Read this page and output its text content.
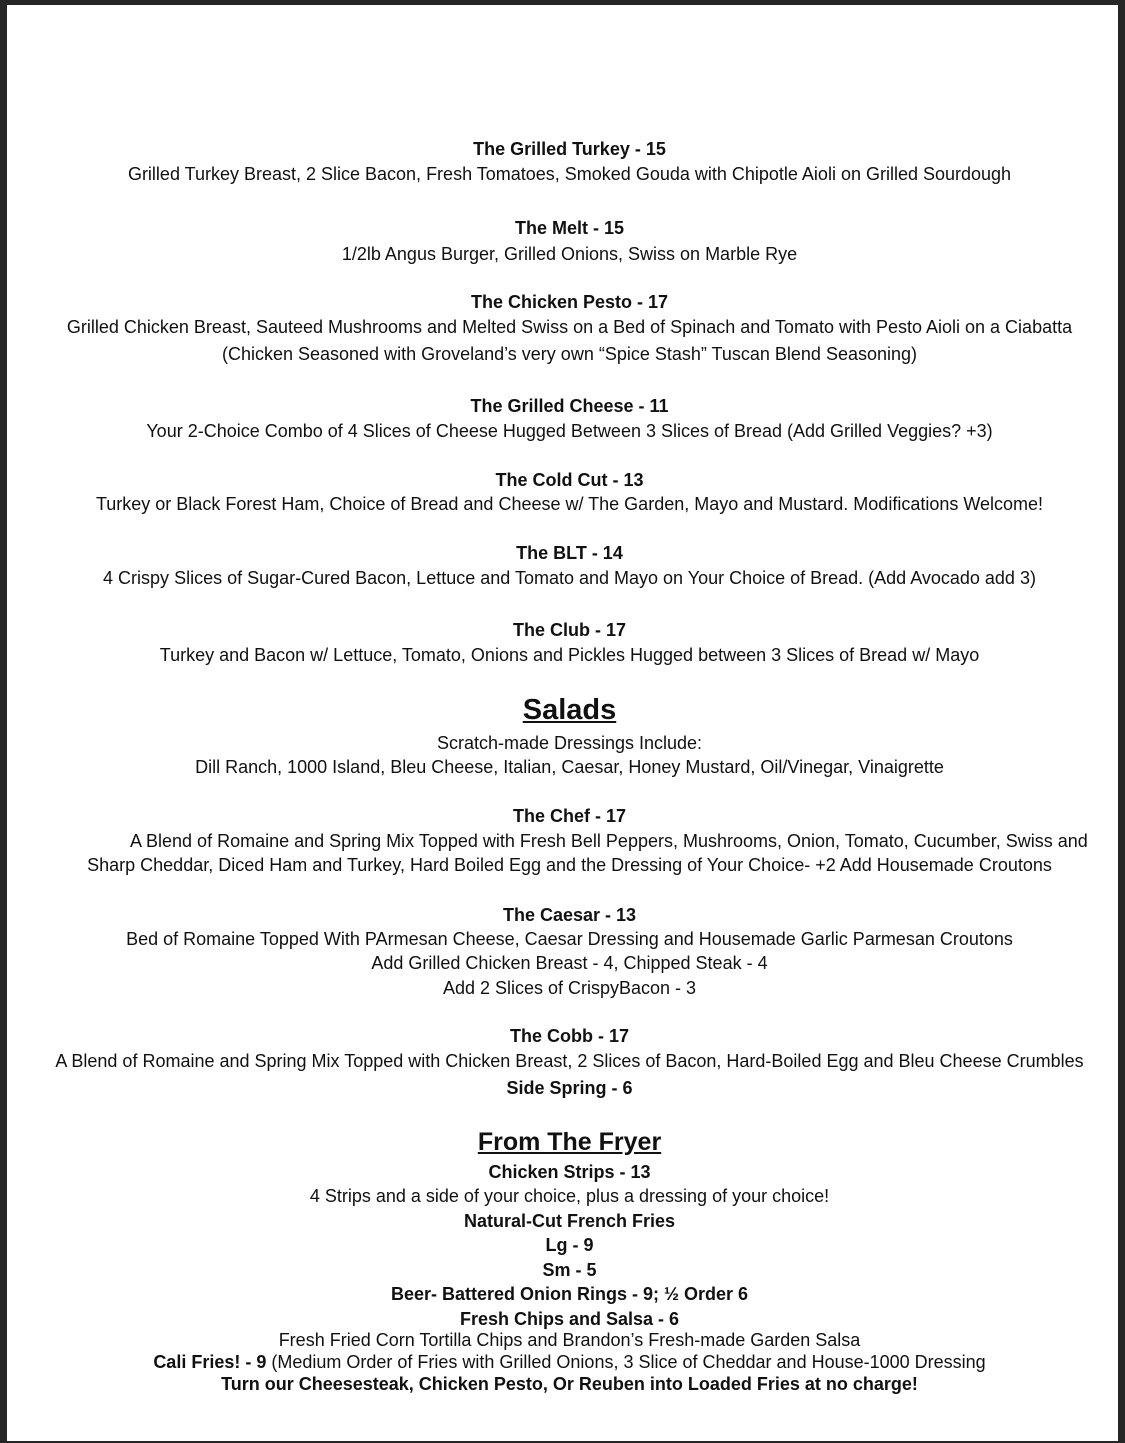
The Grilled Turkey - 15
Grilled Turkey Breast, 2 Slice Bacon, Fresh Tomatoes, Smoked Gouda with Chipotle Aioli on Grilled Sourdough
The Melt - 15
1/2lb Angus Burger, Grilled Onions, Swiss on Marble Rye
The Chicken Pesto - 17
Grilled Chicken Breast, Sauteed Mushrooms and Melted Swiss on a Bed of Spinach and Tomato with Pesto Aioli on a Ciabatta
(Chicken Seasoned with Groveland’s very own “Spice Stash” Tuscan Blend Seasoning)
The Grilled Cheese - 11
Your 2-Choice Combo of 4 Slices of Cheese Hugged Between 3 Slices of Bread (Add Grilled Veggies? +3)
The Cold Cut - 13
Turkey or Black Forest Ham, Choice of Bread and Cheese w/ The Garden, Mayo and Mustard. Modifications Welcome!
The BLT - 14
4 Crispy Slices of Sugar-Cured Bacon, Lettuce and Tomato and Mayo on Your Choice of Bread. (Add Avocado add 3)
The Club - 17
Turkey and Bacon w/ Lettuce, Tomato, Onions and Pickles Hugged between 3 Slices of Bread w/ Mayo
Salads
Scratch-made Dressings Include:
Dill Ranch, 1000 Island, Bleu Cheese, Italian, Caesar, Honey Mustard, Oil/Vinegar, Vinaigrette
The Chef - 17
A Blend of Romaine and Spring Mix Topped with Fresh Bell Peppers, Mushrooms, Onion, Tomato, Cucumber, Swiss and
Sharp Cheddar, Diced Ham and Turkey, Hard Boiled Egg and the Dressing of Your Choice- +2 Add Housemade Croutons
The Caesar - 13
Bed of Romaine Topped With PArmesan Cheese, Caesar Dressing and Housemade Garlic Parmesan Croutons
Add Grilled Chicken Breast - 4, Chipped Steak - 4
Add 2 Slices of CrispyBacon - 3
The Cobb - 17
A Blend of Romaine and Spring Mix Topped with Chicken Breast, 2 Slices of Bacon, Hard-Boiled Egg and Bleu Cheese Crumbles
Side Spring - 6
From The Fryer
Chicken Strips - 13
4 Strips and a side of your choice, plus a dressing of your choice!
Natural-Cut French Fries
Lg - 9
Sm - 5
Beer- Battered Onion Rings - 9; ½ Order 6
Fresh Chips and Salsa - 6
Fresh Fried Corn Tortilla Chips and Brandon’s Fresh-made Garden Salsa
Cali Fries! - 9 (Medium Order of Fries with Grilled Onions, 3 Slice of Cheddar and House-1000 Dressing
Turn our Cheesesteak, Chicken Pesto, Or Reuben into Loaded Fries at no charge!
